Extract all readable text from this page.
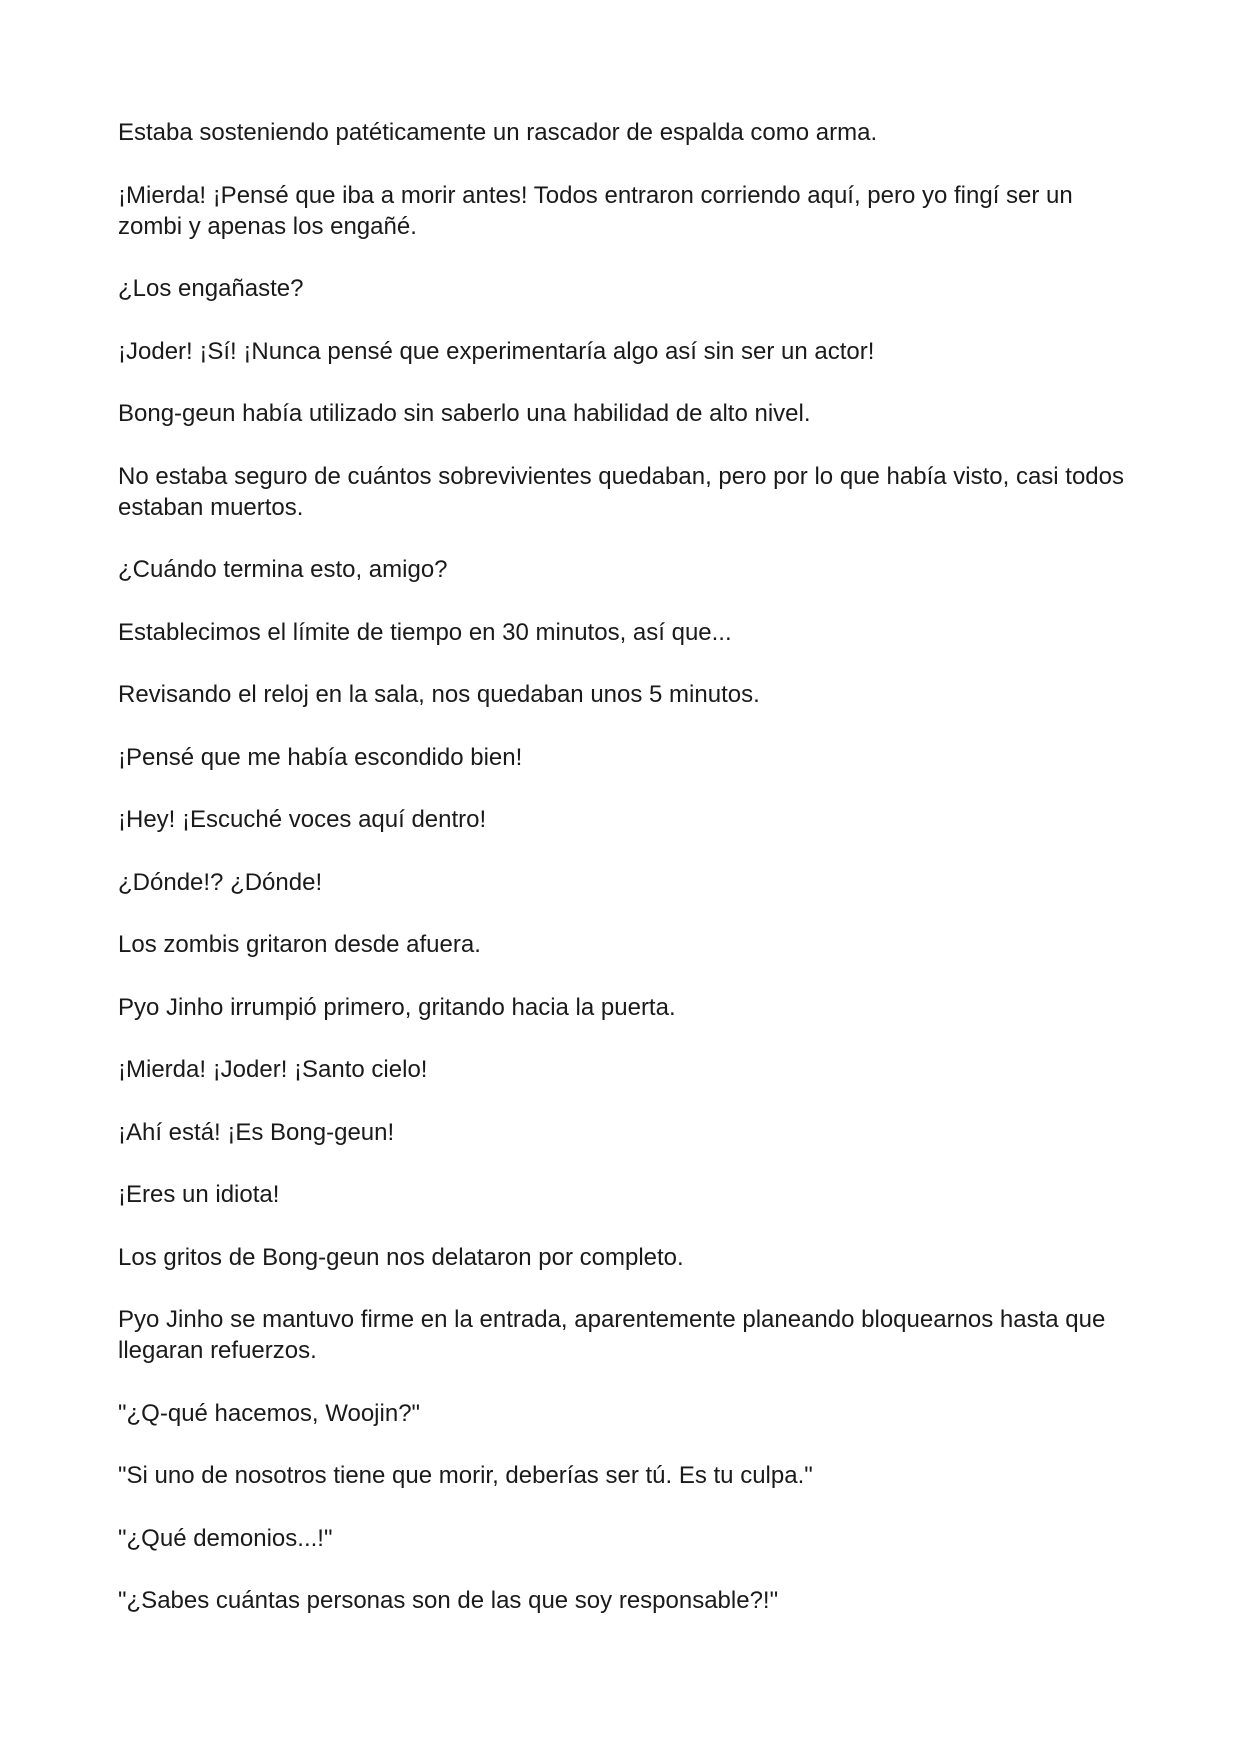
Estaba sosteniendo patéticamente un rascador de espalda como arma.

¡Mierda! ¡Pensé que iba a morir antes! Todos entraron corriendo aquí, pero yo fingí ser un zombi y apenas los engañé.

¿Los engañaste?

¡Joder! ¡Sí! ¡Nunca pensé que experimentaría algo así sin ser un actor!

Bong-geun había utilizado sin saberlo una habilidad de alto nivel.

No estaba seguro de cuántos sobrevivientes quedaban, pero por lo que había visto, casi todos estaban muertos.

¿Cuándo termina esto, amigo?

Establecimos el límite de tiempo en 30 minutos, así que...

Revisando el reloj en la sala, nos quedaban unos 5 minutos.

¡Pensé que me había escondido bien!

¡Hey! ¡Escuché voces aquí dentro!

¿Dónde!? ¿Dónde!

Los zombis gritaron desde afuera.

Pyo Jinho irrumpió primero, gritando hacia la puerta.

¡Mierda! ¡Joder! ¡Santo cielo!

¡Ahí está! ¡Es Bong-geun!

¡Eres un idiota!

Los gritos de Bong-geun nos delataron por completo.

Pyo Jinho se mantuvo firme en la entrada, aparentemente planeando bloquearnos hasta que llegaran refuerzos.

"¿Q-qué hacemos, Woojin?"

"Si uno de nosotros tiene que morir, deberías ser tú. Es tu culpa."

"¿Qué demonios...!"

"¿Sabes cuántas personas son de las que soy responsable?!"
